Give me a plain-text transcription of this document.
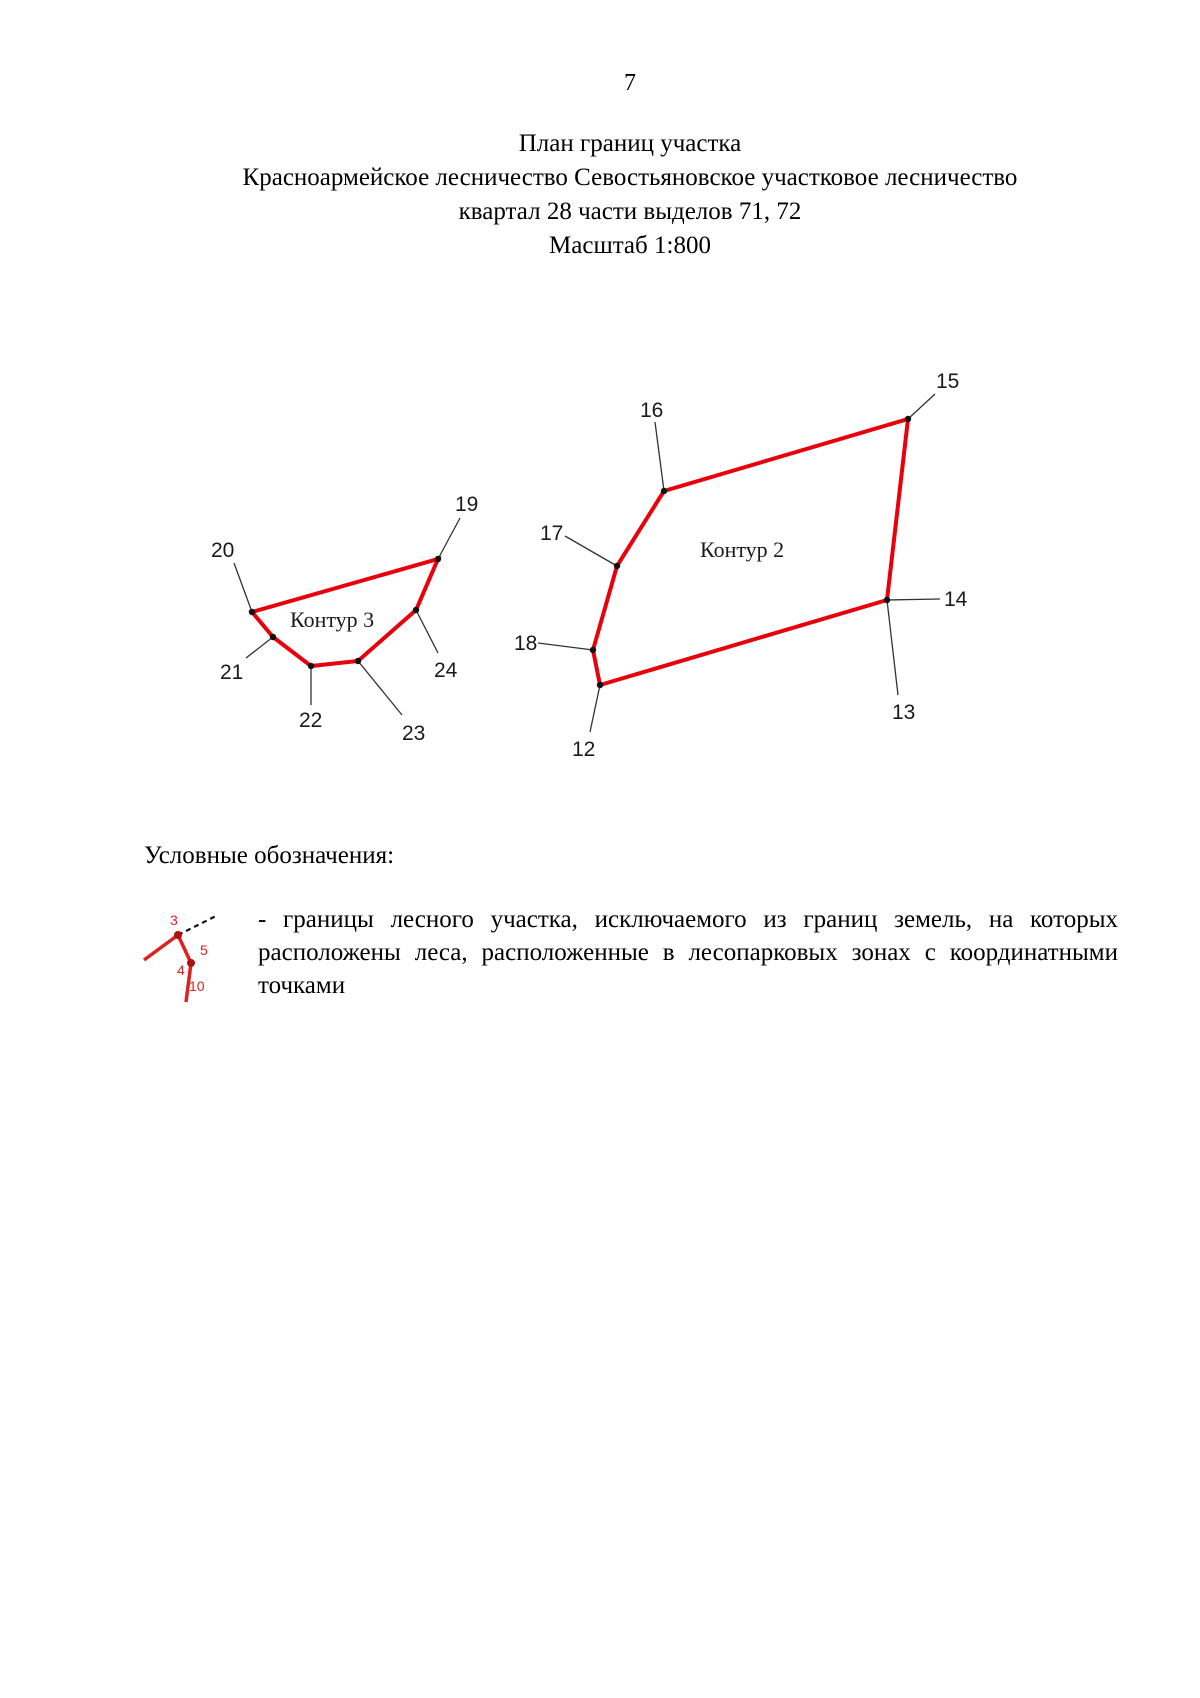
7
План границ участка
Красноармейское лесничество Севостьяновское участковое лесничество
квартал 28 части выделов 71, 72
Масштаб 1:800
15
16
17
18
12
13
14
Контур 2
19
20
21
22
23
24
Контур 3
Условные обозначения:
3
5
4
10
- границы лесного участка, исключаемого из границ земель, на которых расположены леса, расположенные в лесопарковых зонах с координатными точками
